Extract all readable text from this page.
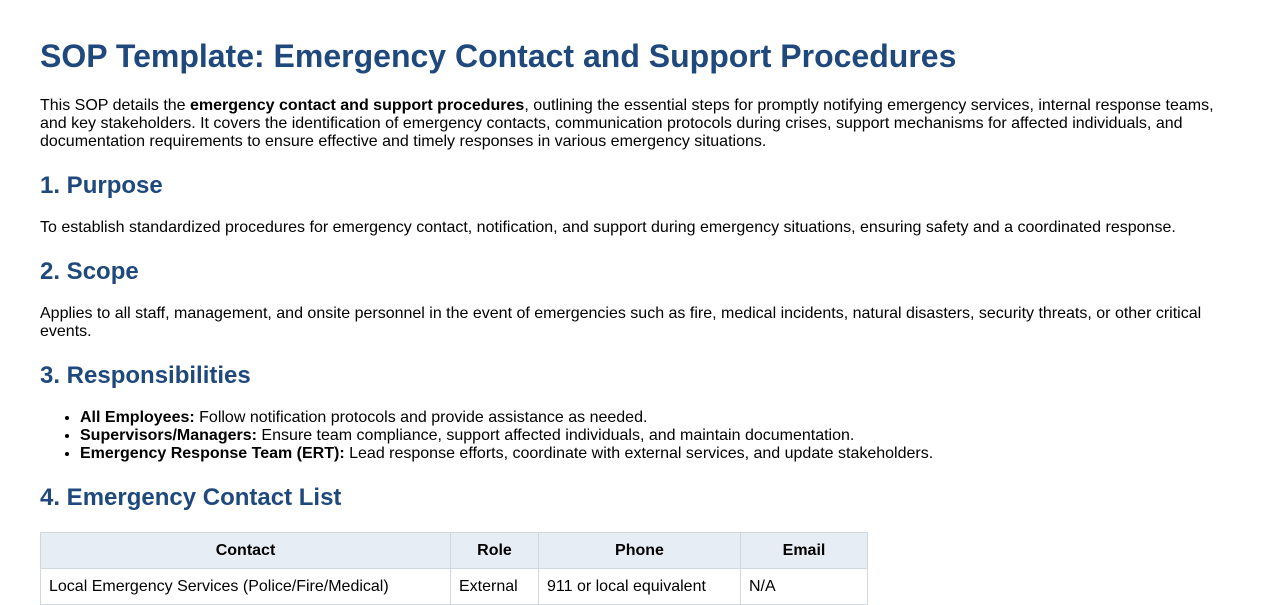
SOP Template: Emergency Contact and Support Procedures

This SOP details the emergency contact and support procedures, outlining the essential steps for promptly notifying emergency services, internal response teams, and key stakeholders. It covers the identification of emergency contacts, communication protocols during crises, support mechanisms for affected individuals, and documentation requirements to ensure effective and timely responses in various emergency situations.

1. Purpose

To establish standardized procedures for emergency contact, notification, and support during emergency situations, ensuring safety and a coordinated response.

2. Scope

Applies to all staff, management, and onsite personnel in the event of emergencies such as fire, medical incidents, natural disasters, security threats, or other critical events.

3. Responsibilities
• All Employees: Follow notification protocols and provide assistance as needed.
• Supervisors/Managers: Ensure team compliance, support affected individuals, and maintain documentation.
• Emergency Response Team (ERT): Lead response efforts, coordinate with external services, and update stakeholders.
4. Emergency Contact List
Contact	Role	Phone	Email
Local Emergency Services (Police/Fire/Medical)	External	911 or local equivalent	N/A
